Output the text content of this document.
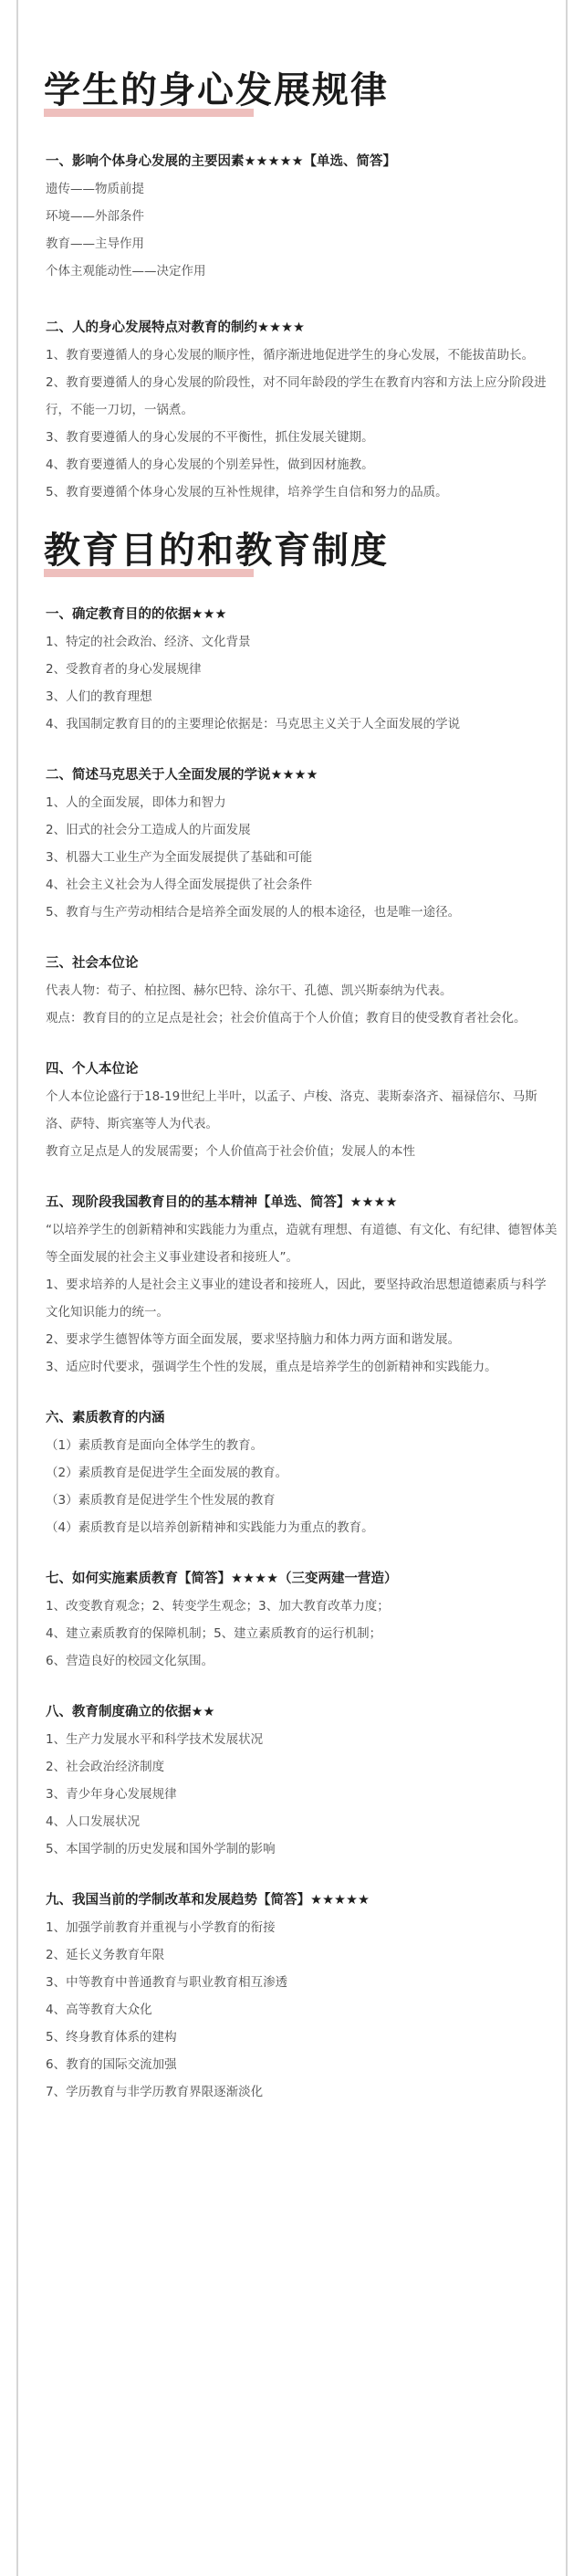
学生的身心发展规律
一、影响个体身心发展的主要因素★★★★★【单选、简答】
遗传——物质前提
环境——外部条件
教育——主导作用
个体主观能动性——决定作用
二、人的身心发展特点对教育的制约★★★★
1、教育要遵循人的身心发展的顺序性，循序渐进地促进学生的身心发展，不能拔苗助长。
2、教育要遵循人的身心发展的阶段性，对不同年龄段的学生在教育内容和方法上应分阶段进行，不能一刀切，一锅煮。
3、教育要遵循人的身心发展的不平衡性，抓住发展关键期。
4、教育要遵循人的身心发展的个别差异性，做到因材施教。
5、教育要遵循个体身心发展的互补性规律，培养学生自信和努力的品质。
教育目的和教育制度
一、确定教育目的的依据★★★
1、特定的社会政治、经济、文化背景
2、受教育者的身心发展规律
3、人们的教育理想
4、我国制定教育目的的主要理论依据是：马克思主义关于人全面发展的学说
二、简述马克思关于人全面发展的学说★★★★
1、人的全面发展，即体力和智力
2、旧式的社会分工造成人的片面发展
3、机器大工业生产为全面发展提供了基础和可能
4、社会主义社会为人得全面发展提供了社会条件
5、教育与生产劳动相结合是培养全面发展的人的根本途径，也是唯一途径。
三、社会本位论
代表人物：荀子、柏拉图、赫尔巴特、涂尔干、孔德、凯兴斯泰纳为代表。
观点：教育目的的立足点是社会；社会价值高于个人价值；教育目的使受教育者社会化。
四、个人本位论
个人本位论盛行于18-19世纪上半叶，以孟子、卢梭、洛克、裴斯泰洛齐、福禄倍尔、马斯洛、萨特、斯宾塞等人为代表。
教育立足点是人的发展需要；个人价值高于社会价值；发展人的本性
五、现阶段我国教育目的的基本精神【单选、简答】★★★★
“以培养学生的创新精神和实践能力为重点，造就有理想、有道德、有文化、有纪律、德智体美等全面发展的社会主义事业建设者和接班人”。
1、要求培养的人是社会主义事业的建设者和接班人，因此，要坚持政治思想道德素质与科学文化知识能力的统一。
2、要求学生德智体等方面全面发展，要求坚持脑力和体力两方面和谐发展。
3、适应时代要求，强调学生个性的发展，重点是培养学生的创新精神和实践能力。
六、素质教育的内涵
（1）素质教育是面向全体学生的教育。
（2）素质教育是促进学生全面发展的教育。
（3）素质教育是促进学生个性发展的教育
（4）素质教育是以培养创新精神和实践能力为重点的教育。
七、如何实施素质教育【简答】★★★★（三变两建一营造）
1、改变教育观念；2、转变学生观念；3、加大教育改革力度；
4、建立素质教育的保障机制；5、建立素质教育的运行机制；
6、营造良好的校园文化氛围。
八、教育制度确立的依据★★
1、生产力发展水平和科学技术发展状况
2、社会政治经济制度
3、青少年身心发展规律
4、人口发展状况
5、本国学制的历史发展和国外学制的影响
九、我国当前的学制改革和发展趋势【简答】★★★★★
1、加强学前教育并重视与小学教育的衔接
2、延长义务教育年限
3、中等教育中普通教育与职业教育相互渗透
4、高等教育大众化
5、终身教育体系的建构
6、教育的国际交流加强
7、学历教育与非学历教育界限逐渐淡化
